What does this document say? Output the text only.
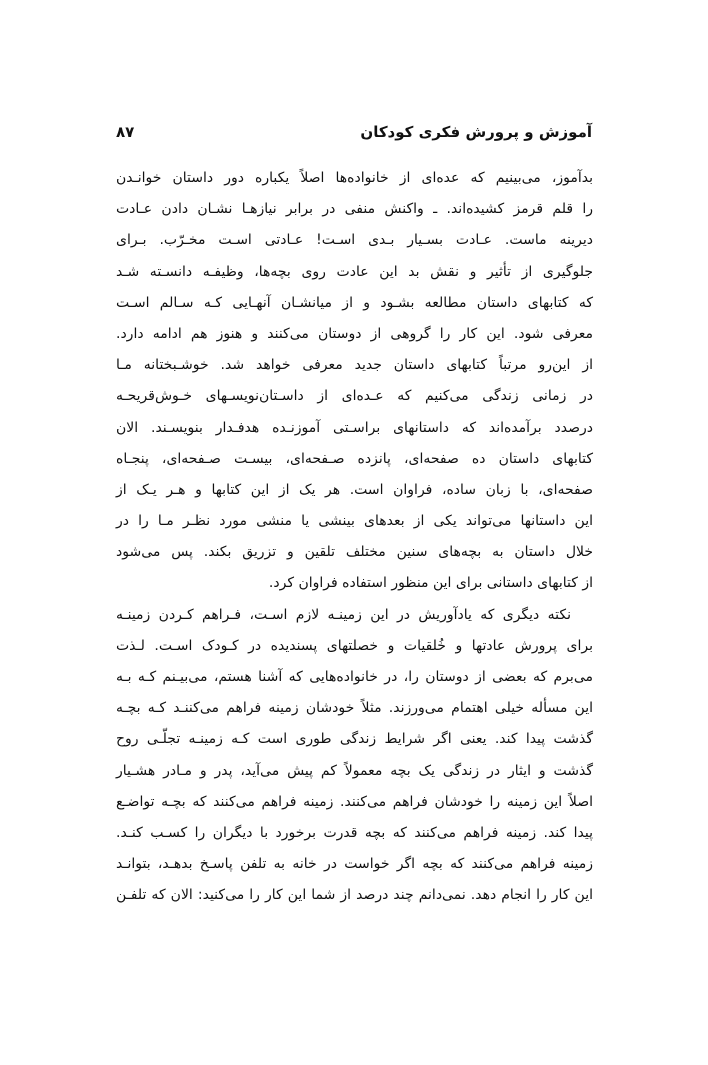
آموزش و پرورش فکری کودکان
۸۷
بدآموز، می‌بینیم که عده‌ای از خانواده‌ها اصلاً یکباره دور داستان خوانـدن
را قلم قرمز کشیده‌اند. ـ واکنش منفی در برابر نیازهـا نشـان دادن عـادت
دیرینه ماست. عـادت بسـیار بـدی اسـت! عـادتی اسـت مخـرّب. بـرای
جلوگیری از تأثیر و نقش بد این عادت روی بچه‌ها، وظیفـه دانسـته شـد
که کتابهای داستان مطالعه بشـود و از میانشـان آنهـایی کـه سـالم اسـت
معرفی شود. این کار را گروهی از دوستان می‌کنند و هنوز هم ادامه دارد.
از این‌رو مرتباً کتابهای داستان جدید معرفی خواهد شد. خوشـبختانه مـا
در زمانی زندگی می‌کنیم که عـده‌ای از داسـتان‌نویسـهای خـوش‌قریحـه
درصدد برآمده‌اند که داستانهای براسـتی آموزنـده هدفـدار بنویسـند. الان
کتابهای داستان ده صفحه‌ای، پانزده صـفحه‌ای، بیسـت صـفحه‌ای، پنجـاه
صفحه‌ای، با زبان ساده، فراوان است. هر یک از این کتابها و هـر یـک از
این داستانها می‌تواند یکی از بعدهای بینشی یا منشی مورد نظـر مـا را در
خلال داستان به بچه‌های سنین مختلف تلقین و تزریق بکند. پس می‌شود
از کتابهای داستانی برای این منظور استفاده فراوان کرد.
نکته دیگری که یادآوریش در این زمینـه لازم اسـت، فـراهم کـردن زمینـه
برای پرورش عادتها و خُلقیات و خصلتهای پسندیده در کـودک اسـت. لـذت
می‌برم که بعضی از دوستان را، در خانواده‌هایی که آشنا هستم، می‌بیـنم کـه بـه
این مسأله خیلی اهتمام می‌ورزند. مثلاً خودشان زمینه فراهم می‌کننـد کـه بچـه
گذشت پیدا کند. یعنی اگر شرایط زندگی طوری است کـه زمینـه تجلّـی روح
گذشت و ایثار در زندگی یک بچه معمولاً کم پیش می‌آید، پدر و مـادر هشـیار
اصلاً این زمینه را خودشان فراهم می‌کنند. زمینه فراهم می‌کنند که بچـه تواضـع
پیدا کند. زمینه فراهم می‌کنند که بچه قدرت برخورد با دیگران را کسـب کنـد.
زمینه فراهم می‌کنند که بچه اگر خواست در خانه به تلفن پاسـخ بدهـد، بتوانـد
این کار را انجام دهد. نمی‌دانم چند درصد از شما این کار را می‌کنید: الان که تلفـن
